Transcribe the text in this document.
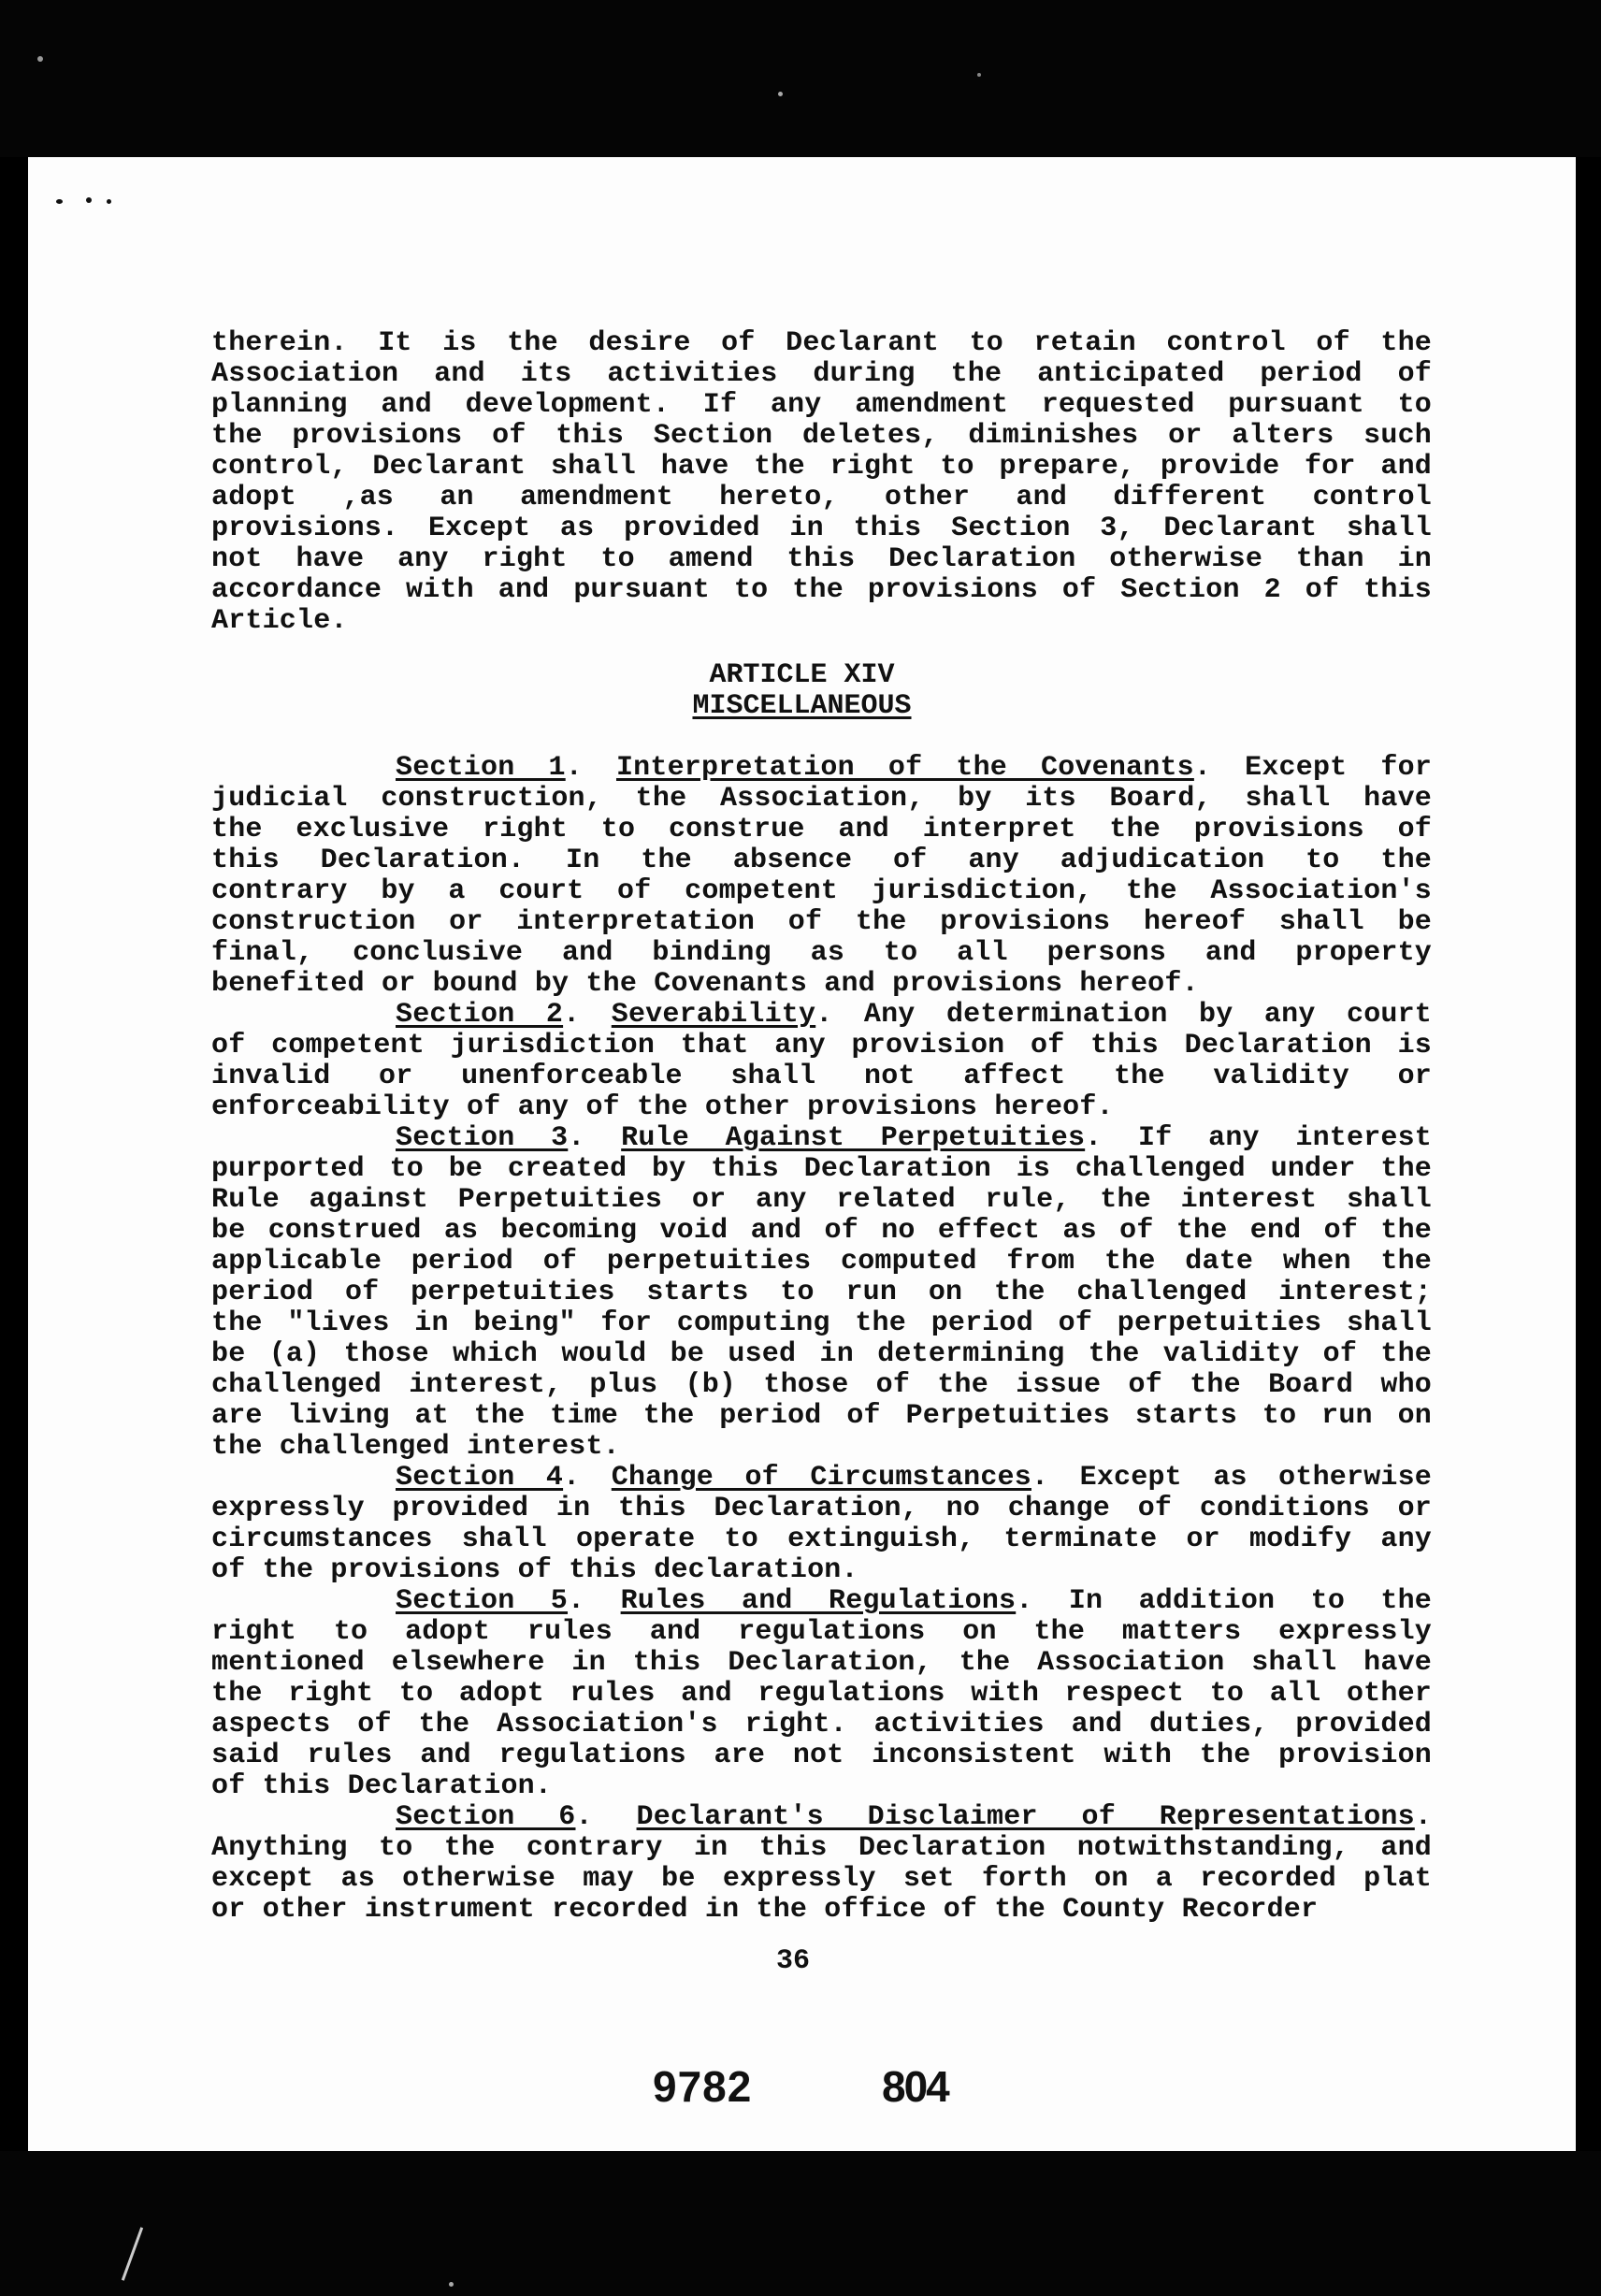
therein. It is the desire of Declarant to retain control of the
Association and its activities during the anticipated period of
planning and development. If any amendment requested pursuant to
the provisions of this Section deletes, diminishes or alters such
control, Declarant shall have the right to prepare, provide for and
adopt ,as an amendment hereto, other and different control
provisions. Except as provided in this Section 3, Declarant shall
not have any right to amend this Declaration otherwise than in
accordance with and pursuant to the provisions of Section 2 of this
Article.
ARTICLE XIV
MISCELLANEOUS
Section 1. Interpretation of the Covenants. Except for
judicial construction, the Association, by its Board, shall have
the exclusive right to construe and interpret the provisions of
this Declaration. In the absence of any adjudication to the
contrary by a court of competent jurisdiction, the Association's
construction or interpretation of the provisions hereof shall be
final, conclusive and binding as to all persons and property
benefited or bound by the Covenants and provisions hereof.
Section 2. Severability. Any determination by any court
of competent jurisdiction that any provision of this Declaration is
invalid or unenforceable shall not affect the validity or
enforceability of any of the other provisions hereof.
Section 3. Rule Against Perpetuities. If any interest
purported to be created by this Declaration is challenged under the
Rule against Perpetuities or any related rule, the interest shall
be construed as becoming void and of no effect as of the end of the
applicable period of perpetuities computed from the date when the
period of perpetuities starts to run on the challenged interest;
the "lives in being" for computing the period of perpetuities shall
be (a) those which would be used in determining the validity of the
challenged interest, plus (b) those of the issue of the Board who
are living at the time the period of Perpetuities starts to run on
the challenged interest.
Section 4. Change of Circumstances. Except as otherwise
expressly provided in this Declaration, no change of conditions or
circumstances shall operate to extinguish, terminate or modify any
of the provisions of this declaration.
Section 5. Rules and Regulations. In addition to the
right to adopt rules and regulations on the matters expressly
mentioned elsewhere in this Declaration, the Association shall have
the right to adopt rules and regulations with respect to all other
aspects of the Association's right. activities and duties, provided
said rules and regulations are not inconsistent with the provision
of this Declaration.
Section 6. Declarant's Disclaimer of Representations.
Anything to the contrary in this Declaration notwithstanding, and
except as otherwise may be expressly set forth on a recorded plat
or other instrument recorded in the office of the County Recorder
36
9782	804
